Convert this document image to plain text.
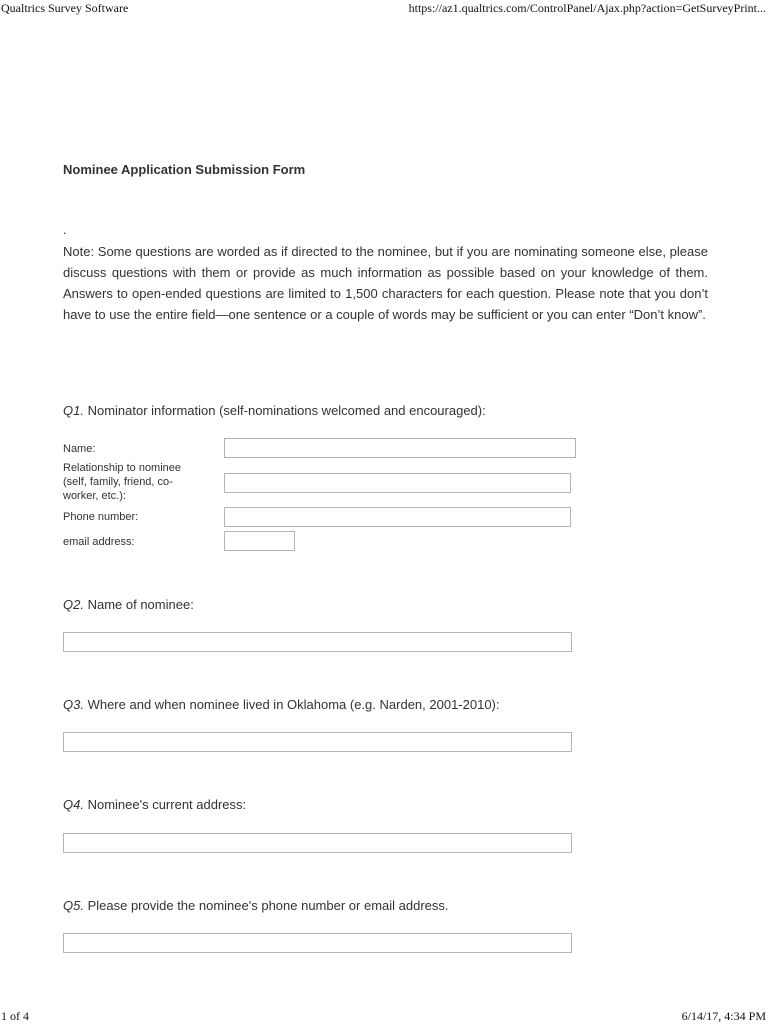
Qualtrics Survey Software	https://az1.qualtrics.com/ControlPanel/Ajax.php?action=GetSurveyPrint...
1 of 4	6/14/17, 4:34 PM
Nominee Application Submission Form
.
Note: Some questions are worded as if directed to the nominee, but if you are nominating someone else, please discuss questions with them or provide as much information as possible based on your knowledge of them. Answers to open-ended questions are limited to 1,500 characters for each question. Please note that you don’t have to use the entire field—one sentence or a couple of words may be sufficient or you can enter “Don’t know”.
Q1. Nominator information (self-nominations welcomed and encouraged):
Name:
Relationship to nominee (self, family, friend, co-worker, etc.):
Phone number:
email address:
Q2. Name of nominee:
Q3. Where and when nominee lived in Oklahoma (e.g. Narden, 2001-2010):
Q4. Nominee's current address:
Q5. Please provide the nominee's phone number or email address.
